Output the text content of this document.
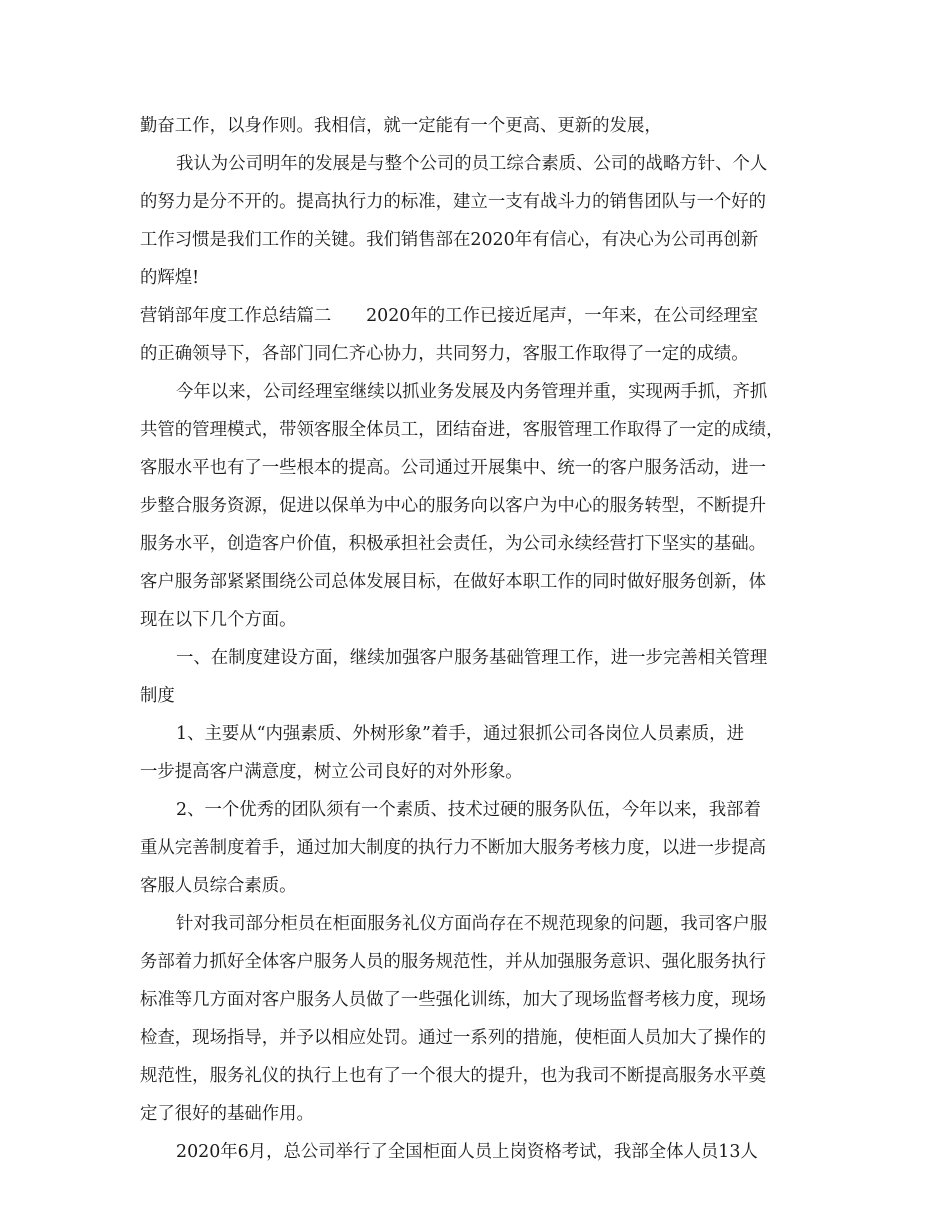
勤奋工作，以身作则。我相信，就一定能有一个更高、更新的发展，
我认为公司明年的发展是与整个公司的员工综合素质、公司的战略方针、个人
的努力是分不开的。提高执行力的标准，建立一支有战斗力的销售团队与一个好的
工作习惯是我们工作的关键。我们销售部在2020年有信心，有决心为公司再创新
的辉煌!
营销部年度工作总结篇二　　2020年的工作已接近尾声，一年来，在公司经理室
的正确领导下，各部门同仁齐心协力，共同努力，客服工作取得了一定的成绩。
今年以来，公司经理室继续以抓业务发展及内务管理并重，实现两手抓，齐抓
共管的管理模式，带领客服全体员工，团结奋进，客服管理工作取得了一定的成绩，
客服水平也有了一些根本的提高。公司通过开展集中、统一的客户服务活动，进一
步整合服务资源，促进以保单为中心的服务向以客户为中心的服务转型，不断提升
服务水平，创造客户价值，积极承担社会责任，为公司永续经营打下坚实的基础。
客户服务部紧紧围绕公司总体发展目标，在做好本职工作的同时做好服务创新，体
现在以下几个方面。
一、在制度建设方面，继续加强客户服务基础管理工作，进一步完善相关管理
制度
1、主要从“内强素质、外树形象”着手，通过狠抓公司各岗位人员素质，进
一步提高客户满意度，树立公司良好的对外形象。
2、一个优秀的团队须有一个素质、技术过硬的服务队伍，今年以来，我部着
重从完善制度着手，通过加大制度的执行力不断加大服务考核力度，以进一步提高
客服人员综合素质。
针对我司部分柜员在柜面服务礼仪方面尚存在不规范现象的问题，我司客户服
务部着力抓好全体客户服务人员的服务规范性，并从加强服务意识、强化服务执行
标准等几方面对客户服务人员做了一些强化训练，加大了现场监督考核力度，现场
检查，现场指导，并予以相应处罚。通过一系列的措施，使柜面人员加大了操作的
规范性，服务礼仪的执行上也有了一个很大的提升，也为我司不断提高服务水平奠
定了很好的基础作用。
2020年6月，总公司举行了全国柜面人员上岗资格考试，我部全体人员13人
